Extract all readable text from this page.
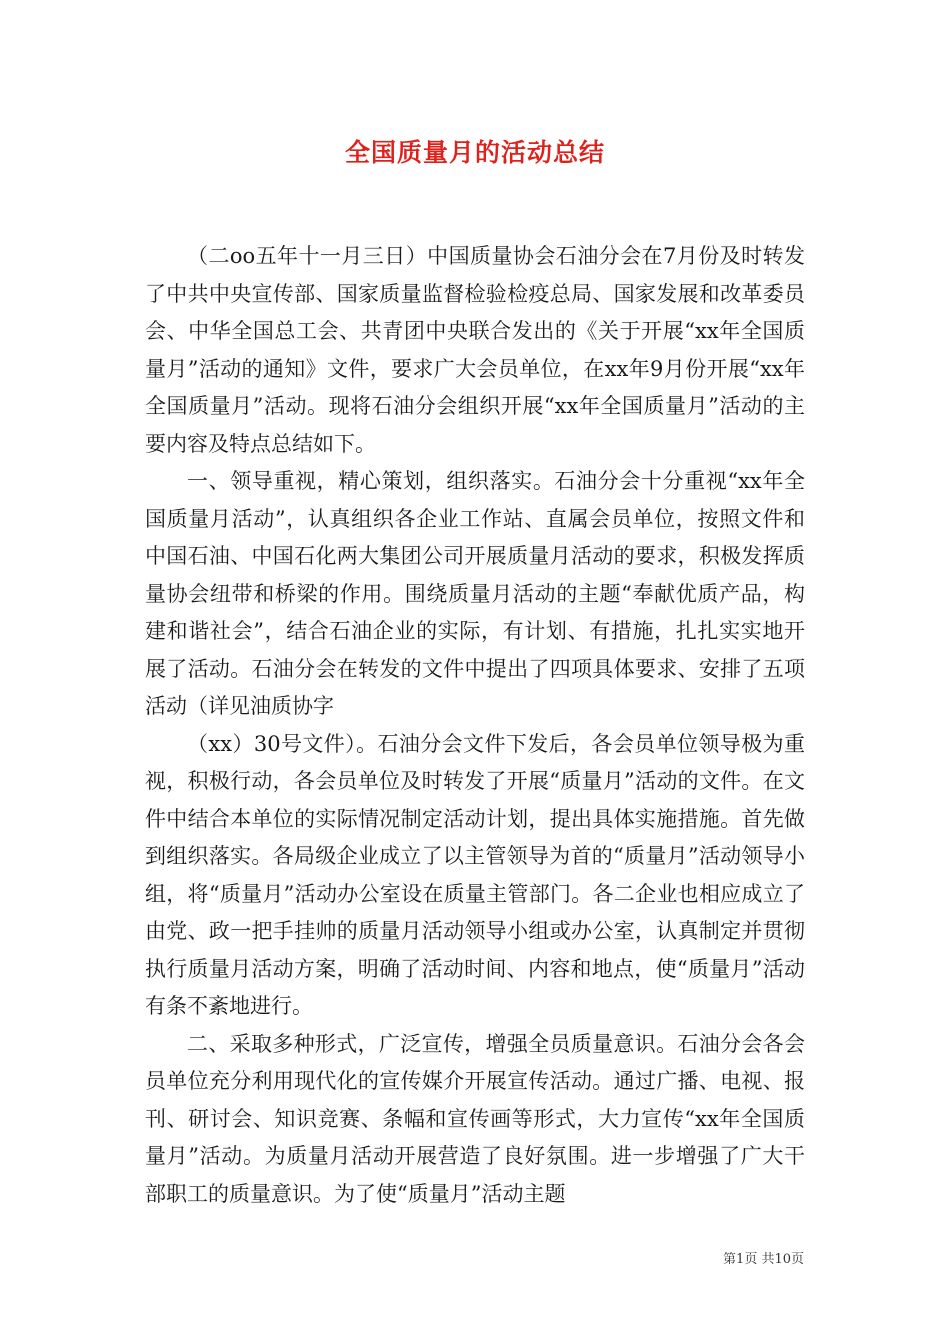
全国质量月的活动总结

（二oo五年十一月三日）中国质量协会石油分会在7月份及时转发了中共中央宣传部、国家质量监督检验检疫总局、国家发展和改革委员会、中华全国总工会、共青团中央联合发出的《关于开展“xx年全国质量月”活动的通知》文件，要求广大会员单位，在xx年9月份开展“xx年全国质量月”活动。现将石油分会组织开展“xx年全国质量月”活动的主要内容及特点总结如下。

一、领导重视，精心策划，组织落实。石油分会十分重视“xx年全国质量月活动”，认真组织各企业工作站、直属会员单位，按照文件和中国石油、中国石化两大集团公司开展质量月活动的要求，积极发挥质量协会纽带和桥梁的作用。围绕质量月活动的主题“奉献优质产品，构建和谐社会”，结合石油企业的实际，有计划、有措施，扎扎实实地开展了活动。石油分会在转发的文件中提出了四项具体要求、安排了五项活动（详见油质协字

（xx）30号文件）。石油分会文件下发后，各会员单位领导极为重视，积极行动，各会员单位及时转发了开展“质量月”活动的文件。在文件中结合本单位的实际情况制定活动计划，提出具体实施措施。首先做到组织落实。各局级企业成立了以主管领导为首的“质量月”活动领导小组，将“质量月”活动办公室设在质量主管部门。各二企业也相应成立了由党、政一把手挂帅的质量月活动领导小组或办公室，认真制定并贯彻执行质量月活动方案，明确了活动时间、内容和地点，使“质量月”活动有条不紊地进行。

二、采取多种形式，广泛宣传，增强全员质量意识。石油分会各会员单位充分利用现代化的宣传媒介开展宣传活动。通过广播、电视、报刊、研讨会、知识竞赛、条幅和宣传画等形式，大力宣传“xx年全国质量月”活动。为质量月活动开展营造了良好氛围。进一步增强了广大干部职工的质量意识。为了使“质量月”活动主题

第1页 共10页
